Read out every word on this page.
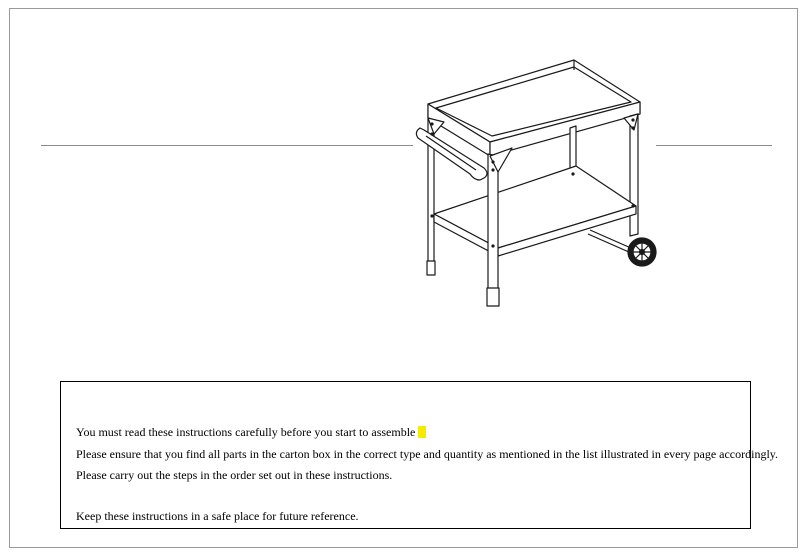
You must read these instructions carefully before you start to assemble
Please ensure that you find all parts in the carton box in the correct type and quantity as mentioned in the list illustrated in every page accordingly.
Please carry out the steps in the order set out in these instructions.
Keep these instructions in a safe place for future reference.
